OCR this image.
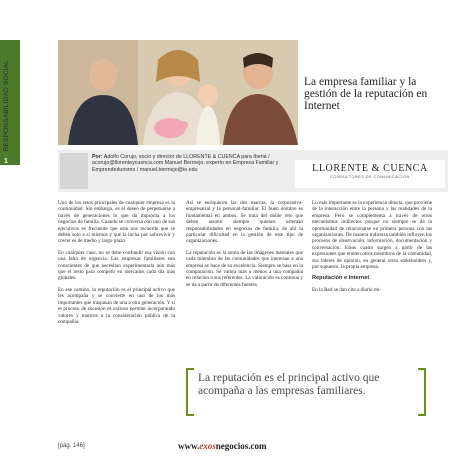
RESPONSABILIDAD SOCIAL
1
La empresa familiar y la gestión de la reputación en Internet
Por: Adolfo Corujo, socio y director de LLORENTE & CUENCA para Iberia / acorujo@llorenteycuenca.com Manuel Bermejo, experto en Empresa Familiar y Emprendedurismo / manuel.bermejo@ie.edu	LLORENTE & CUENCA
CONSULTORES DE COMUNICACIÓN

Uno de los retos principales de cualquier empresa es la continuidad. Sin embargo, es el deseo de perpetuarse a través de generaciones lo que da impronta a los negocios de familia. Cuando se conversa con uno de sus ejecutivos es frecuente que este nos recuerde que se deben solo a sí mismos y que la lucha por sobrevivir y crecer es de medio y largo plazo.

En cualquier caso, no se debe confundir esa visión con una falta de urgencia. Las empresas familiares son conscientes de que necesitan experimentarla aún más que el resto para competir en mercados cada día más globales.

En ese camino, la reputación es el principal activo que les acompaña y se convierte en uno de los más importantes que traspasan de una a otra generación. Y si el proceso de sucesión es exitoso permite incorporando valores y matices a la consideración pública de la compañía.

Así se enriquecen las dos marcas, la corporativa-empresarial y la personal-familiar. El buen nombre es fundamental en ambos. Se trata del doble reto que deben asumir siempre quienes ostentan responsabilidades en negocios de familia, de ahí la particular dificultad en la gestión de este tipo de organizaciones.

La reputación es la suma de las imágenes mentales que cada miembro de las comunidades que interesan a una empresa se hace de su excelencia. Siempre se basa en la comparación. Se valora más o menos a una compañía en relación a sus referentes. La valoración es continua y se da a partir de diferentes fuentes.

Lo más importante es la experiencia directa, que proviene de la interacción entre la persona y las realidades de la empresa. Pero se complementa a través de otros mecanismos indirectos porque no siempre se da la oportunidad de relacionarse en primera persona con las organizaciones. De manera indirecta también influyen los procesos de observación, información, documentación y conversación. Estos cuatro surgen a partir de las expresiones que emiten otros miembros de la comunidad, sus líderes de opinión, en general otros stakeholders y, por supuesto, la propia empresa.

Reputación e Internet

En la Red se dan cita a diario mi-

La reputación es el principal activo que acompaña a las empresas familiares.
[pág. 146]	www.exosnegocios.com
